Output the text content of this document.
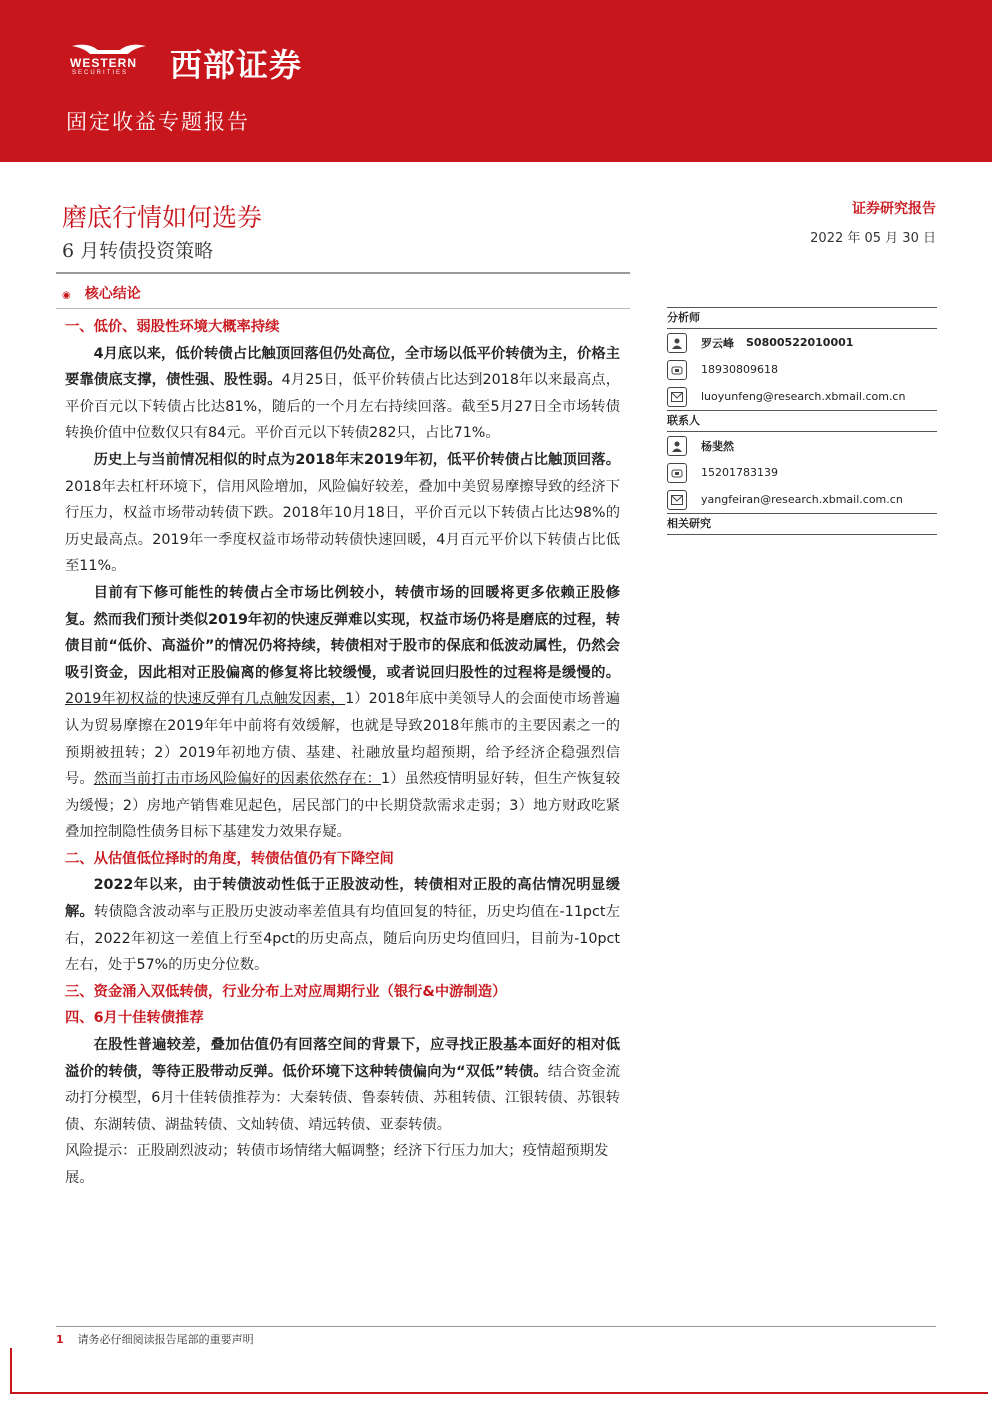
WESTERN
SECURITIES 西部证券
固定收益专题报告
磨底行情如何选券
6 月转债投资策略
证券研究报告
2022 年 05 月 30 日
◉ 核心结论

一、低价、弱股性环境大概率持续

4月底以来，低价转债占比触顶回落但仍处高位，全市场以低平价转债为主，价格主要靠债底支撑，债性强、股性弱。4月25日，低平价转债占比达到2018年以来最高点，平价百元以下转债占比达81%，随后的一个月左右持续回落。截至5月27日全市场转债转换价值中位数仅只有84元。平价百元以下转债282只，占比71%。

历史上与当前情况相似的时点为2018年末2019年初，低平价转债占比触顶回落。2018年去杠杆环境下，信用风险增加，风险偏好较差，叠加中美贸易摩擦导致的经济下行压力，权益市场带动转债下跌。2018年10月18日，平价百元以下转债占比达98%的历史最高点。2019年一季度权益市场带动转债快速回暖，4月百元平价以下转债占比低至11%。

目前有下修可能性的转债占全市场比例较小，转债市场的回暖将更多依赖正股修复。然而我们预计类似2019年初的快速反弹难以实现，权益市场仍将是磨底的过程，转债目前“低价、高溢价”的情况仍将持续，转债相对于股市的保底和低波动属性，仍然会吸引资金，因此相对正股偏离的修复将比较缓慢，或者说回归股性的过程将是缓慢的。2019年初权益的快速反弹有几点触发因素，1）2018年底中美领导人的会面使市场普遍认为贸易摩擦在2019年年中前将有效缓解，也就是导致2018年熊市的主要因素之一的预期被扭转；2）2019年初地方债、基建、社融放量均超预期，给予经济企稳强烈信号。然而当前打击市场风险偏好的因素依然存在：1）虽然疫情明显好转，但生产恢复较为缓慢；2）房地产销售难见起色，居民部门的中长期贷款需求走弱；3）地方财政吃紧叠加控制隐性债务目标下基建发力效果存疑。

二、从估值低位择时的角度，转债估值仍有下降空间

2022年以来，由于转债波动性低于正股波动性，转债相对正股的高估情况明显缓解。转债隐含波动率与正股历史波动率差值具有均值回复的特征，历史均值在-11pct左右，2022年初这一差值上行至4pct的历史高点，随后向历史均值回归，目前为-10pct左右，处于57%的历史分位数。

三、资金涌入双低转债，行业分布上对应周期行业（银行&中游制造）

四、6月十佳转债推荐

在股性普遍较差，叠加估值仍有回落空间的背景下，应寻找正股基本面好的相对低溢价的转债，等待正股带动反弹。低价环境下这种转债偏向为“双低”转债。结合资金流动打分模型，6月十佳转债推荐为：大秦转债、鲁泰转债、苏租转债、江银转债、苏银转债、东湖转债、湖盐转债、文灿转债、靖远转债、亚泰转债。

风险提示：正股剧烈波动；转债市场情绪大幅调整；经济下行压力加大；疫情超预期发展。

分析师
罗云峰 S0800522010001
18930809618
luoyunfeng@research.xbmail.com.cn
联系人
杨斐然
15201783139
yangfeiran@research.xbmail.com.cn
相关研究
1 请务必仔细阅读报告尾部的重要声明
